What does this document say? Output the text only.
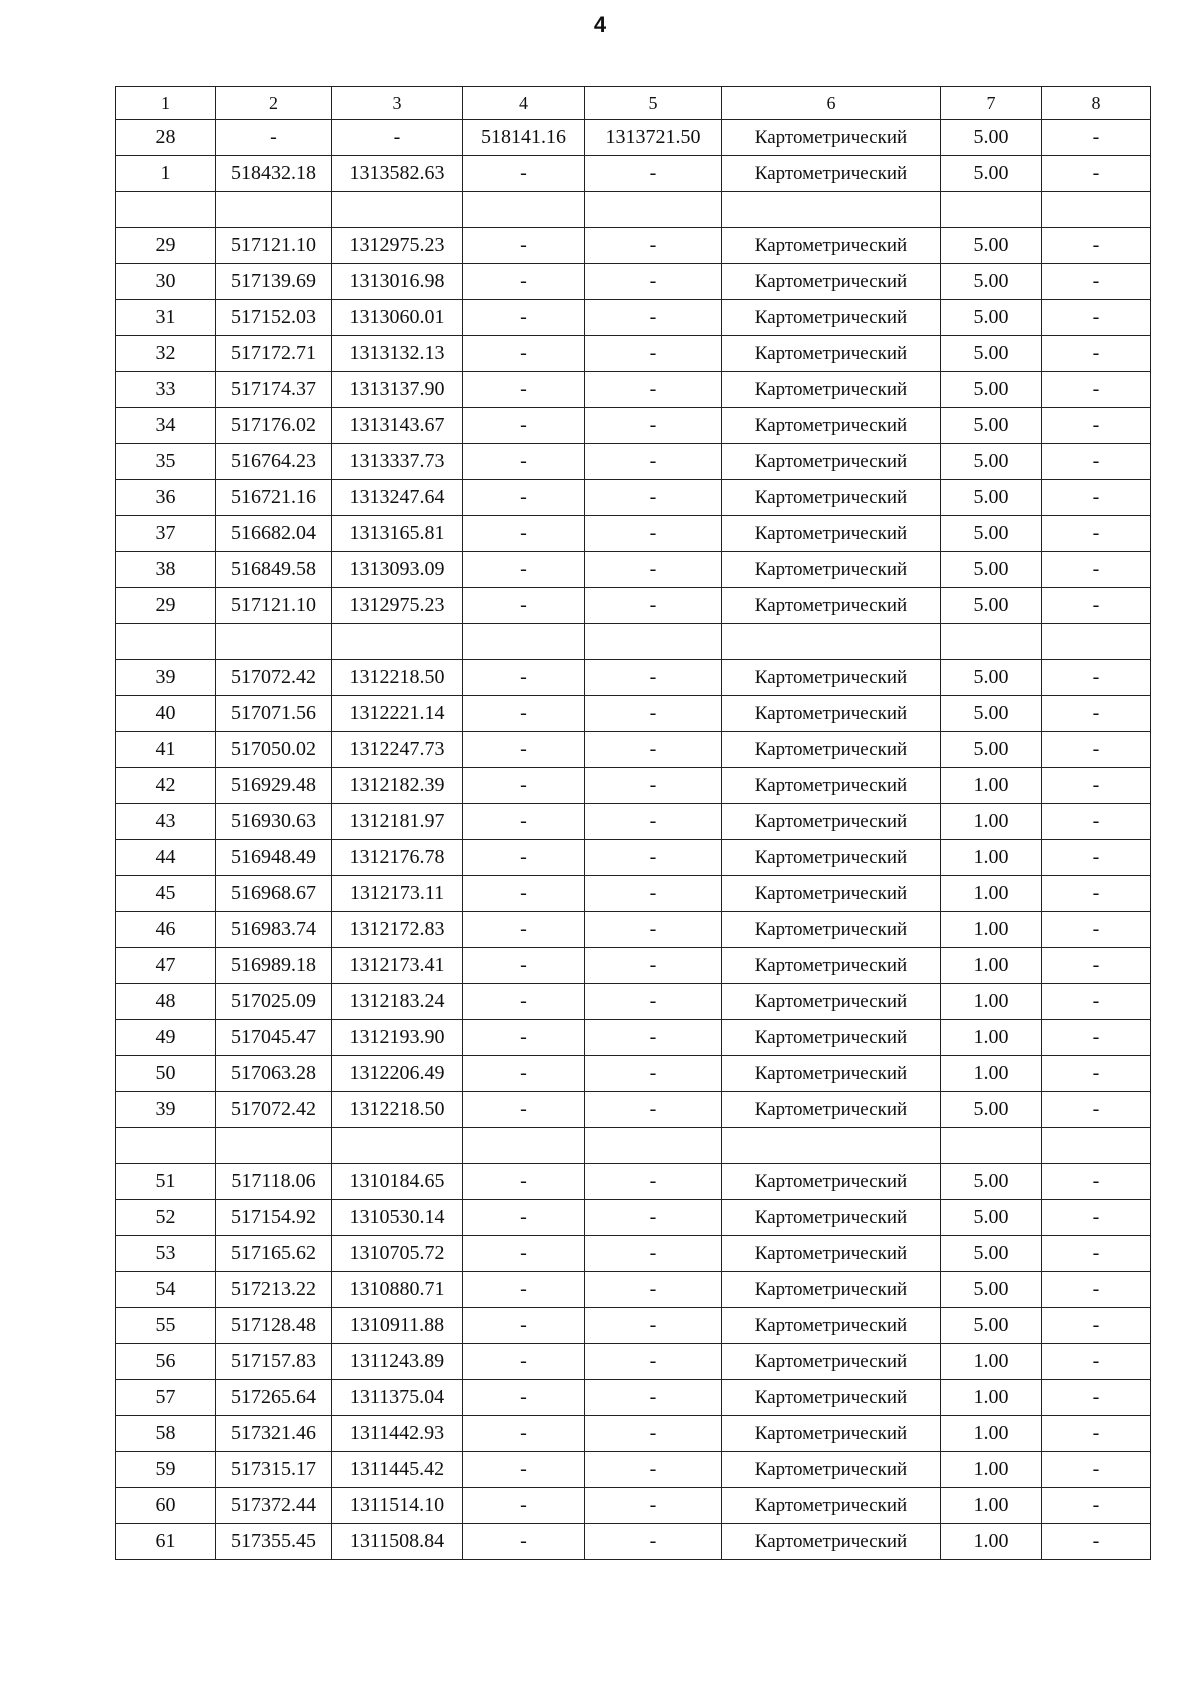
4
1	2	3	4	5	6	7	8
28	-	-	518141.16	1313721.50	Картометрический	5.00	-
1	518432.18	1313582.63	-	-	Картометрический	5.00	-

29	517121.10	1312975.23	-	-	Картометрический	5.00	-
30	517139.69	1313016.98	-	-	Картометрический	5.00	-
31	517152.03	1313060.01	-	-	Картометрический	5.00	-
32	517172.71	1313132.13	-	-	Картометрический	5.00	-
33	517174.37	1313137.90	-	-	Картометрический	5.00	-
34	517176.02	1313143.67	-	-	Картометрический	5.00	-
35	516764.23	1313337.73	-	-	Картометрический	5.00	-
36	516721.16	1313247.64	-	-	Картометрический	5.00	-
37	516682.04	1313165.81	-	-	Картометрический	5.00	-
38	516849.58	1313093.09	-	-	Картометрический	5.00	-
29	517121.10	1312975.23	-	-	Картометрический	5.00	-

39	517072.42	1312218.50	-	-	Картометрический	5.00	-
40	517071.56	1312221.14	-	-	Картометрический	5.00	-
41	517050.02	1312247.73	-	-	Картометрический	5.00	-
42	516929.48	1312182.39	-	-	Картометрический	1.00	-
43	516930.63	1312181.97	-	-	Картометрический	1.00	-
44	516948.49	1312176.78	-	-	Картометрический	1.00	-
45	516968.67	1312173.11	-	-	Картометрический	1.00	-
46	516983.74	1312172.83	-	-	Картометрический	1.00	-
47	516989.18	1312173.41	-	-	Картометрический	1.00	-
48	517025.09	1312183.24	-	-	Картометрический	1.00	-
49	517045.47	1312193.90	-	-	Картометрический	1.00	-
50	517063.28	1312206.49	-	-	Картометрический	1.00	-
39	517072.42	1312218.50	-	-	Картометрический	5.00	-

51	517118.06	1310184.65	-	-	Картометрический	5.00	-
52	517154.92	1310530.14	-	-	Картометрический	5.00	-
53	517165.62	1310705.72	-	-	Картометрический	5.00	-
54	517213.22	1310880.71	-	-	Картометрический	5.00	-
55	517128.48	1310911.88	-	-	Картометрический	5.00	-
56	517157.83	1311243.89	-	-	Картометрический	1.00	-
57	517265.64	1311375.04	-	-	Картометрический	1.00	-
58	517321.46	1311442.93	-	-	Картометрический	1.00	-
59	517315.17	1311445.42	-	-	Картометрический	1.00	-
60	517372.44	1311514.10	-	-	Картометрический	1.00	-
61	517355.45	1311508.84	-	-	Картометрический	1.00	-
